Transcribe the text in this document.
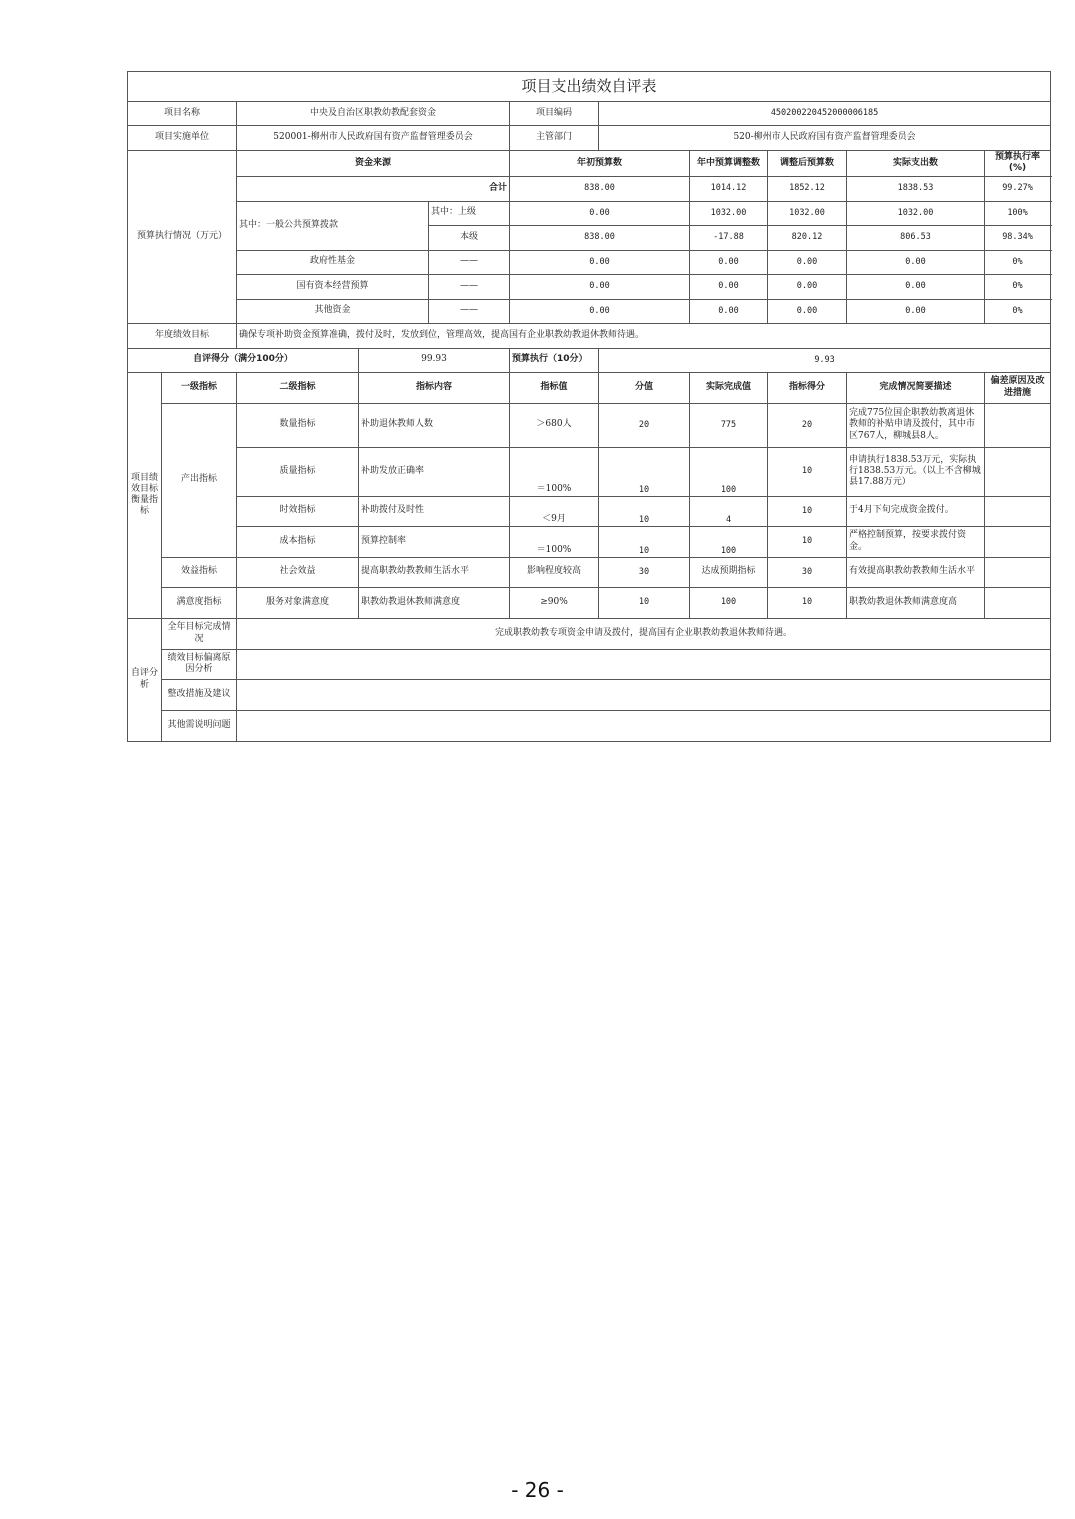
项目支出绩效自评表										
项目名称		中央及自治区职教幼教配套资金			项目编码	450200220452000006185				
项目实施单位		520001-柳州市人民政府国有资产监督管理委员会			主管部门	520-柳州市人民政府国有资产监督管理委员会				
预算执行情况（万元）		资金来源			年初预算数		年中预算调整数	调整后预算数	实际支出数	预算执行率(%)
		合计			838.00		1014.12	1852.12	1838.53	99.27%
		其中：一般公共预算拨款		其中：上级	0.00		1032.00	1032.00	1032.00	100%
				本级	838.00		-17.88	820.12	806.53	98.34%
		政府性基金		——	0.00		0.00	0.00	0.00	0%
		国有资本经营预算		——	0.00		0.00	0.00	0.00	0%
		其他资金		——	0.00		0.00	0.00	0.00	0%
年度绩效目标		确保专项补助资金预算准确，拨付及时，发放到位，管理高效，提高国有企业职教幼教退休教师待遇。								
自评得分（满分100分）			99.93		预算执行（10分）	9.93				
项目绩效目标衡量指标	一级指标	二级指标	指标内容		指标值	分值	实际完成值	指标得分	完成情况简要描述	偏差原因及改进措施
	产出指标	数量指标	补助退休教师人数		＞680人	20	775	20	完成775位国企职教幼教离退休教师的补贴申请及拨付，其中市区767人，柳城县8人。	
		质量指标	补助发放正确率		＝100%	10	100	10	申请执行1838.53万元，实际执行1838.53万元。（以上不含柳城县17.88万元）	
		时效指标	补助拨付及时性		＜9月	10	4	10	于4月下旬完成资金拨付。	
		成本指标	预算控制率		＝100%	10	100	10	严格控制预算，按要求拨付资金。	
	效益指标	社会效益	提高职教幼教教师生活水平		影响程度较高	30	达成预期指标	30	有效提高职教幼教教师生活水平	
	满意度指标	服务对象满意度	职教幼教退休教师满意度		≥90%	10	100	10	职教幼教退休教师满意度高	
自评分析	全年目标完成情况	完成职教幼教专项资金申请及拨付，提高国有企业职教幼教退休教师待遇。								
	绩效目标偏离原因分析									
	整改措施及建议									
	其他需说明问题									
- 26 -
